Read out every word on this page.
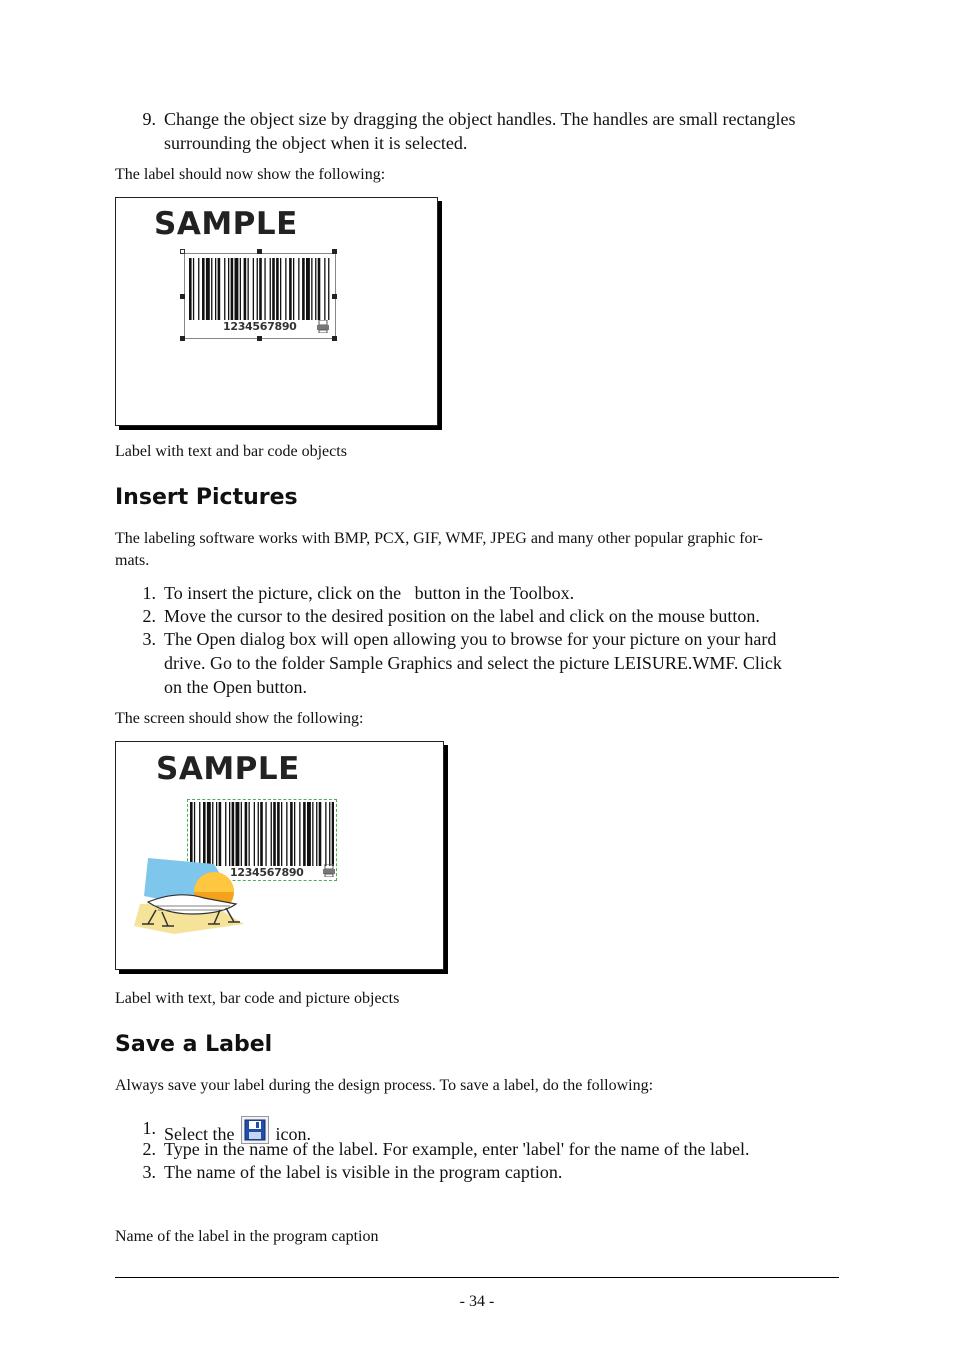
9. Change the object size by dragging the object handles. The handles are small rectangles
surrounding the object when it is selected.
The label should now show the following:
SAMPLE
1234567890
Label with text and bar code objects
Insert Pictures
The labeling software works with BMP, PCX, GIF, WMF, JPEG and many other popular graphic for-
mats.
1. To insert the picture, click on the   button in the Toolbox.
2. Move the cursor to the desired position on the label and click on the mouse button.
3. The Open dialog box will open allowing you to browse for your picture on your hard
drive. Go to the folder Sample Graphics and select the picture LEISURE.WMF. Click
on the Open button.
The screen should show the following:
SAMPLE
1234567890
Label with text, bar code and picture objects
Save a Label
Always save your label during the design process. To save a label, do the following:
1. Select the icon.
2. Type in the name of the label. For example, enter 'label' for the name of the label.
3. The name of the label is visible in the program caption.
Name of the label in the program caption
- 34 -
